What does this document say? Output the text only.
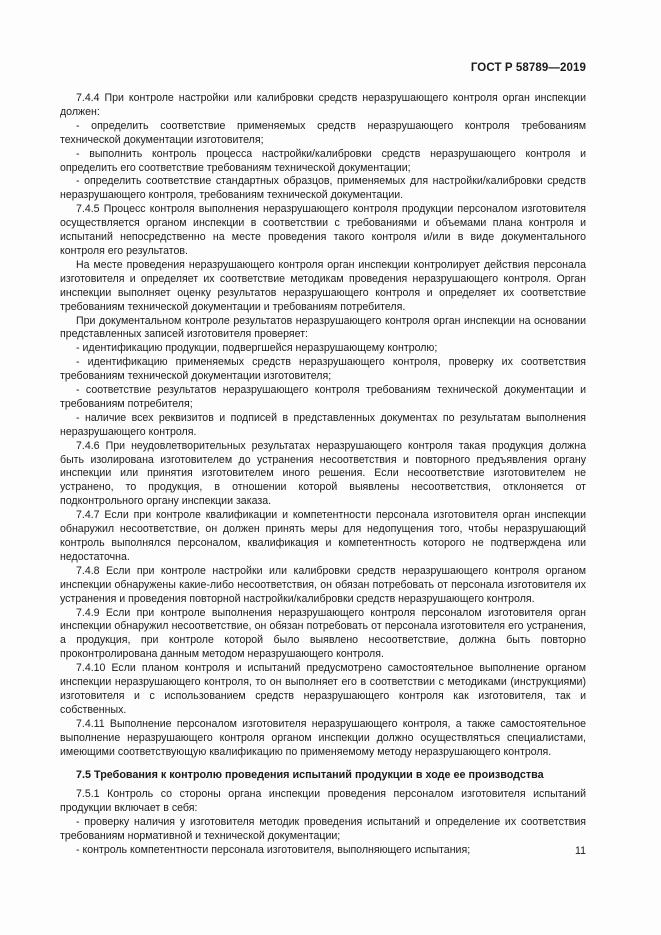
ГОСТ Р 58789—2019

7.4.4 При контроле настройки или калибровки средств неразрушающего контроля орган инспекции должен:

- определить соответствие применяемых средств неразрушающего контроля требованиям технической документации изготовителя;

- выполнить контроль процесса настройки/калибровки средств неразрушающего контроля и определить его соответствие требованиям технической документации;

- определить соответствие стандартных образцов, применяемых для настройки/калибровки средств неразрушающего контроля, требованиям технической документации.

7.4.5 Процесс контроля выполнения неразрушающего контроля продукции персоналом изготовителя осуществляется органом инспекции в соответствии с требованиями и объемами плана контроля и испытаний непосредственно на месте проведения такого контроля и/или в виде документального контроля его результатов.

На месте проведения неразрушающего контроля орган инспекции контролирует действия персонала изготовителя и определяет их соответствие методикам проведения неразрушающего контроля. Орган инспекции выполняет оценку результатов неразрушающего контроля и определяет их соответствие требованиям технической документации и требованиям потребителя.

При документальном контроле результатов неразрушающего контроля орган инспекции на основании представленных записей изготовителя проверяет:

- идентификацию продукции, подвергшейся неразрушающему контролю;

- идентификацию применяемых средств неразрушающего контроля, проверку их соответствия требованиям технической документации изготовителя;

- соответствие результатов неразрушающего контроля требованиям технической документации и требованиям потребителя;

- наличие всех реквизитов и подписей в представленных документах по результатам выполнения неразрушающего контроля.

7.4.6 При неудовлетворительных результатах неразрушающего контроля такая продукция должна быть изолирована изготовителем до устранения несоответствия и повторного предъявления органу инспекции или принятия изготовителем иного решения. Если несоответствие изготовителем не устранено, то продукция, в отношении которой выявлены несоответствия, отклоняется от подконтрольного органу инспекции заказа.

7.4.7 Если при контроле квалификации и компетентности персонала изготовителя орган инспекции обнаружил несоответствие, он должен принять меры для недопущения того, чтобы неразрушающий контроль выполнялся персоналом, квалификация и компетентность которого не подтверждена или недостаточна.

7.4.8 Если при контроле настройки или калибровки средств неразрушающего контроля органом инспекции обнаружены какие-либо несоответствия, он обязан потребовать от персонала изготовителя их устранения и проведения повторной настройки/калибровки средств неразрушающего контроля.

7.4.9 Если при контроле выполнения неразрушающего контроля персоналом изготовителя орган инспекции обнаружил несоответствие, он обязан потребовать от персонала изготовителя его устранения, а продукция, при контроле которой было выявлено несоответствие, должна быть повторно проконтролирована данным методом неразрушающего контроля.

7.4.10 Если планом контроля и испытаний предусмотрено самостоятельное выполнение органом инспекции неразрушающего контроля, то он выполняет его в соответствии с методиками (инструкциями) изготовителя и с использованием средств неразрушающего контроля как изготовителя, так и собственных.

7.4.11 Выполнение персоналом изготовителя неразрушающего контроля, а также самостоятельное выполнение неразрушающего контроля органом инспекции должно осуществляться специалистами, имеющими соответствующую квалификацию по применяемому методу неразрушающего контроля.

7.5 Требования к контролю проведения испытаний продукции в ходе ее производства

7.5.1 Контроль со стороны органа инспекции проведения персоналом изготовителя испытаний продукции включает в себя:

- проверку наличия у изготовителя методик проведения испытаний и определение их соответствия требованиям нормативной и технической документации;

- контроль компетентности персонала изготовителя, выполняющего испытания;	11
